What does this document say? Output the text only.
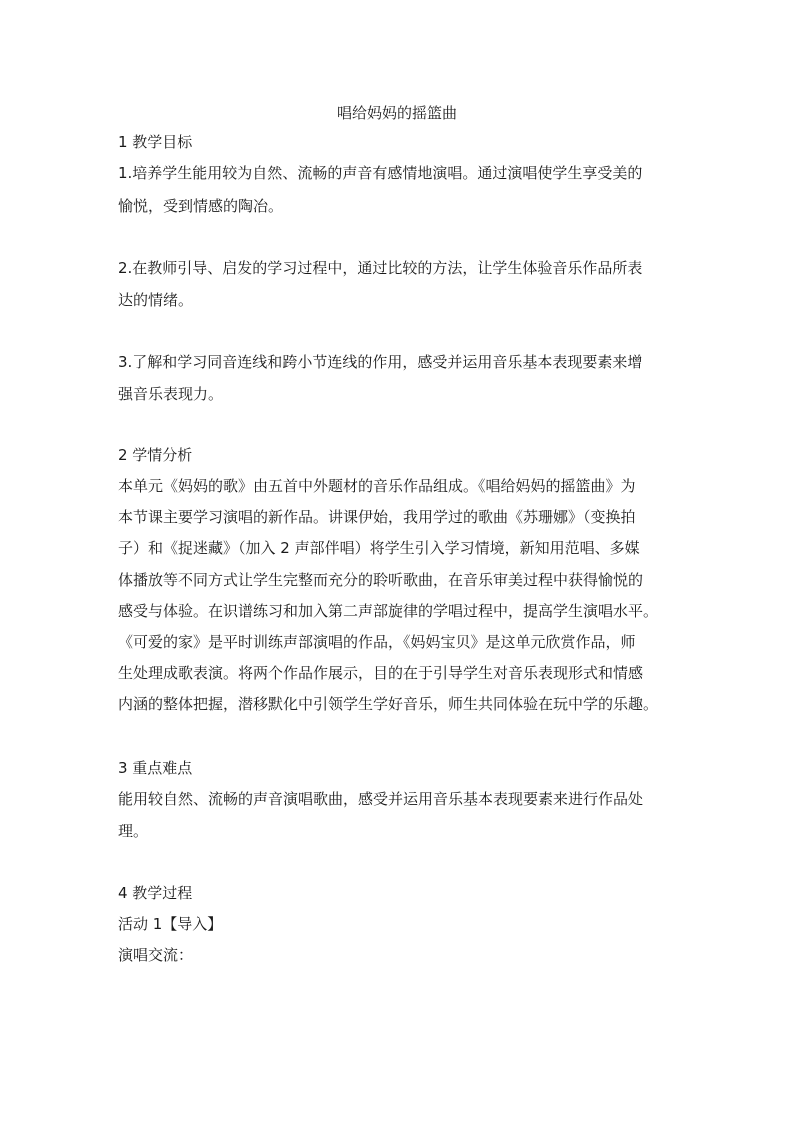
唱给妈妈的摇篮曲
1 教学目标
1.培养学生能用较为自然、流畅的声音有感情地演唱。通过演唱使学生享受美的
愉悦，受到情感的陶冶。
2.在教师引导、启发的学习过程中，通过比较的方法，让学生体验音乐作品所表
达的情绪。
3.了解和学习同音连线和跨小节连线的作用，感受并运用音乐基本表现要素来增
强音乐表现力。
2 学情分析
本单元《妈妈的歌》由五首中外题材的音乐作品组成。《唱给妈妈的摇篮曲》为
本节课主要学习演唱的新作品。讲课伊始，我用学过的歌曲《苏珊娜》（变换拍
子）和《捉迷藏》（加入 2 声部伴唱）将学生引入学习情境，新知用范唱、多媒
体播放等不同方式让学生完整而充分的聆听歌曲，在音乐审美过程中获得愉悦的
感受与体验。在识谱练习和加入第二声部旋律的学唱过程中，提高学生演唱水平。
《可爱的家》是平时训练声部演唱的作品，《妈妈宝贝》是这单元欣赏作品，师
生处理成歌表演。将两个作品作展示，目的在于引导学生对音乐表现形式和情感
内涵的整体把握，潜移默化中引领学生学好音乐，师生共同体验在玩中学的乐趣。
3 重点难点
能用较自然、流畅的声音演唱歌曲，感受并运用音乐基本表现要素来进行作品处
理。
4 教学过程
活动 1【导入】
演唱交流：
